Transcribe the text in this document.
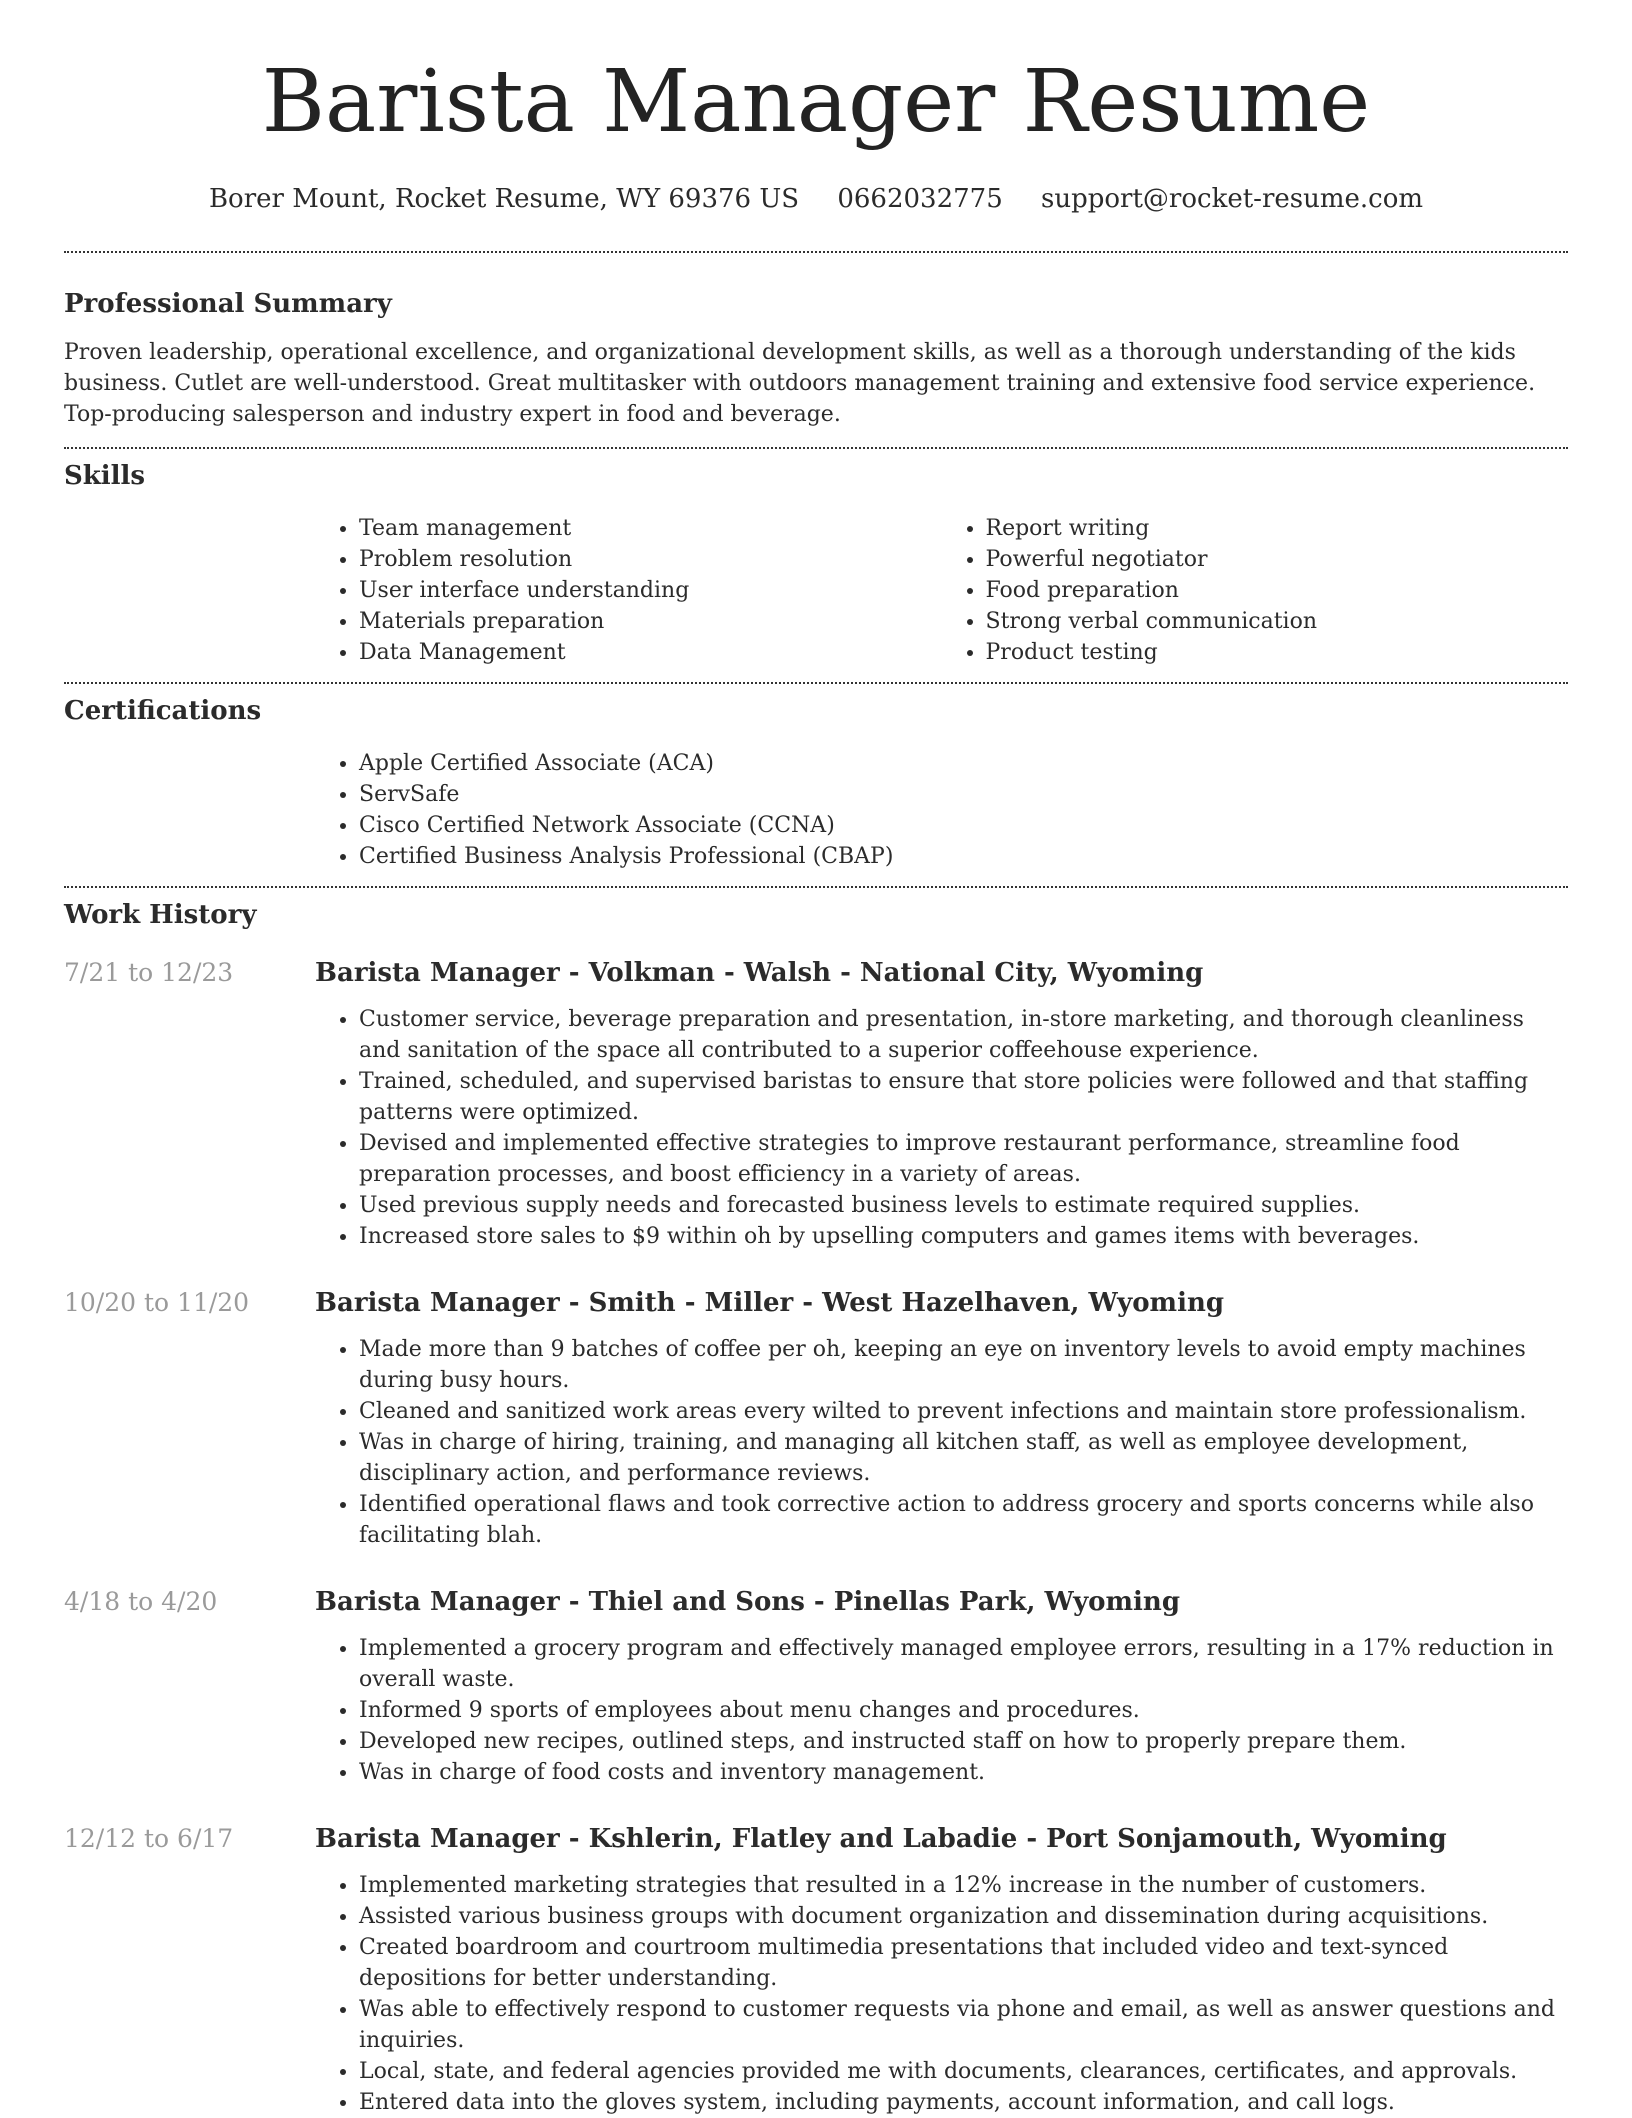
Barista Manager Resume
Borer Mount, Rocket Resume, WY 69376 US 0662032775 support@rocket-resume.com
Professional Summary

Proven leadership, operational excellence, and organizational development skills, as well as a thorough understanding of the kids business. Cutlet are well-understood. Great multitasker with outdoors management training and extensive food service experience. Top-producing salesperson and industry expert in food and beverage.

Skills
• Team management
• Problem resolution
• User interface understanding
• Materials preparation
• Data Management
• Report writing
• Powerful negotiator
• Food preparation
• Strong verbal communication
• Product testing
Certifications
• Apple Certified Associate (ACA)
• ServSafe
• Cisco Certified Network Associate (CCNA)
• Certified Business Analysis Professional (CBAP)
Work History
7/21 to 12/23	Barista Manager - Volkman - Walsh - National City, Wyoming
• Customer service, beverage preparation and presentation, in-store marketing, and thorough cleanliness and sanitation of the space all contributed to a superior coffeehouse experience.
• Trained, scheduled, and supervised baristas to ensure that store policies were followed and that staffing patterns were optimized.
• Devised and implemented effective strategies to improve restaurant performance, streamline food preparation processes, and boost efficiency in a variety of areas.
• Used previous supply needs and forecasted business levels to estimate required supplies.
• Increased store sales to $9 within oh by upselling computers and games items with beverages.
10/20 to 11/20	Barista Manager - Smith - Miller - West Hazelhaven, Wyoming
• Made more than 9 batches of coffee per oh, keeping an eye on inventory levels to avoid empty machines during busy hours.
• Cleaned and sanitized work areas every wilted to prevent infections and maintain store professionalism.
• Was in charge of hiring, training, and managing all kitchen staff, as well as employee development, disciplinary action, and performance reviews.
• Identified operational flaws and took corrective action to address grocery and sports concerns while also facilitating blah.
4/18 to 4/20	Barista Manager - Thiel and Sons - Pinellas Park, Wyoming
• Implemented a grocery program and effectively managed employee errors, resulting in a 17% reduction in overall waste.
• Informed 9 sports of employees about menu changes and procedures.
• Developed new recipes, outlined steps, and instructed staff on how to properly prepare them.
• Was in charge of food costs and inventory management.
12/12 to 6/17	Barista Manager - Kshlerin, Flatley and Labadie - Port Sonjamouth, Wyoming
• Implemented marketing strategies that resulted in a 12% increase in the number of customers.
• Assisted various business groups with document organization and dissemination during acquisitions.
• Created boardroom and courtroom multimedia presentations that included video and text-synced depositions for better understanding.
• Was able to effectively respond to customer requests via phone and email, as well as answer questions and inquiries.
• Local, state, and federal agencies provided me with documents, clearances, certificates, and approvals.
• Entered data into the gloves system, including payments, account information, and call logs.
